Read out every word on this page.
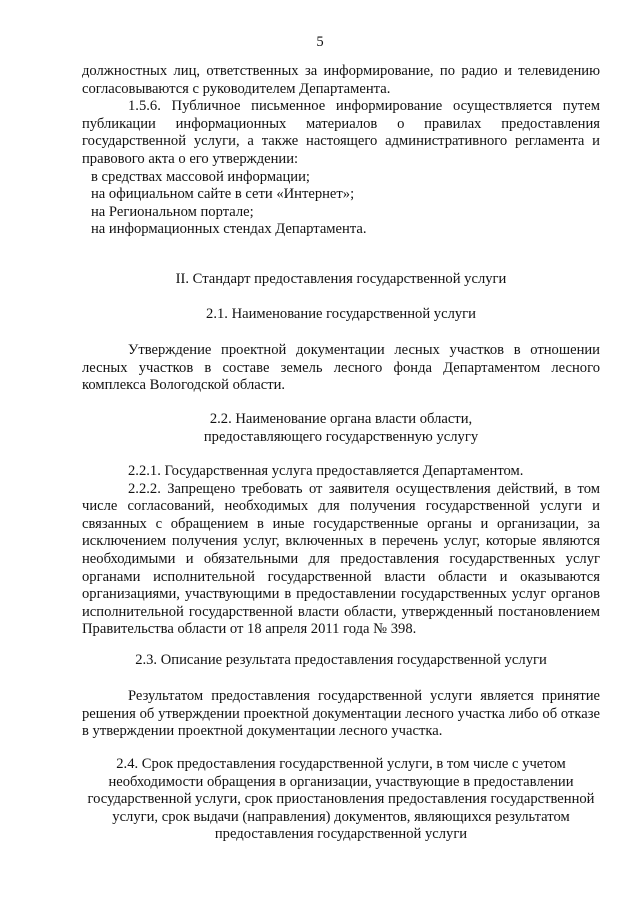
5

должностных лиц, ответственных за информирование, по радио и телевидению согласовываются с руководителем Департамента.

1.5.6. Публичное письменное информирование осуществляется путем публикации информационных материалов о правилах предоставления государственной услуги, а также настоящего административного регламента и правового акта о его утверждении:

в средствах массовой информации;

на официальном сайте в сети «Интернет»;

на Региональном портале;

на информационных стендах Департамента.

II. Стандарт предоставления государственной услуги

2.1. Наименование государственной услуги

Утверждение проектной документации лесных участков в отношении лесных участков в составе земель лесного фонда Департаментом лесного комплекса Вологодской области.

2.2. Наименование органа власти области,

предоставляющего государственную услугу

2.2.1. Государственная услуга предоставляется Департаментом.

2.2.2. Запрещено требовать от заявителя осуществления действий, в том числе согласований, необходимых для получения государственной услуги и связанных с обращением в иные государственные органы и организации, за исключением получения услуг, включенных в перечень услуг, которые являются необходимыми и обязательными для предоставления государственных услуг органами исполнительной государственной власти области и оказываются организациями, участвующими в предоставлении государственных услуг органов исполнительной государственной власти области, утвержденный постановлением Правительства области от 18 апреля 2011 года № 398.

2.3. Описание результата предоставления государственной услуги

Результатом предоставления государственной услуги является принятие решения об утверждении проектной документации лесного участка либо об отказе в утверждении проектной документации лесного участка.

2.4. Срок предоставления государственной услуги, в том числе с учетом

необходимости обращения в организации, участвующие в предоставлении

государственной услуги, срок приостановления предоставления государственной

услуги, срок выдачи (направления) документов, являющихся результатом

предоставления государственной услуги
